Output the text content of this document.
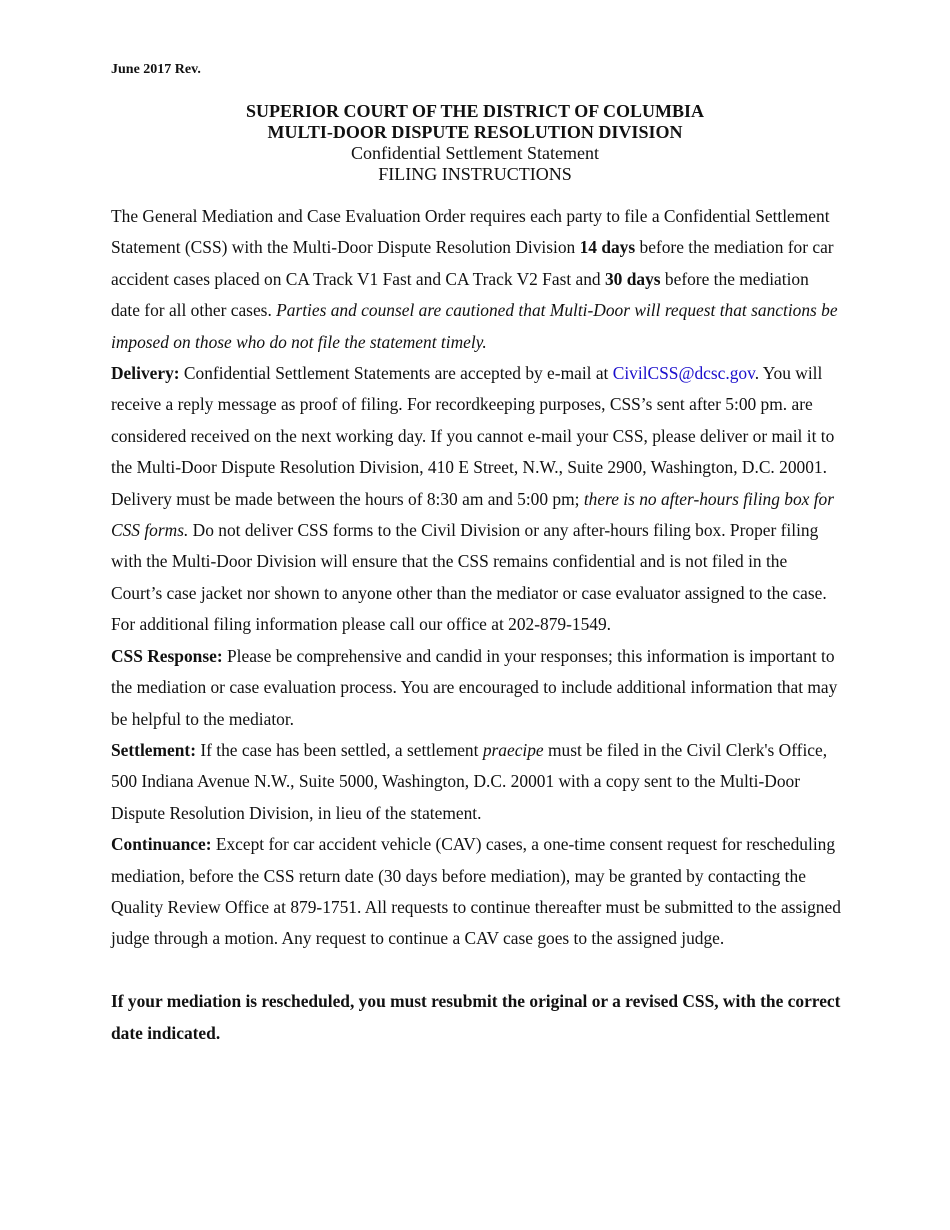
June 2017 Rev.
SUPERIOR COURT OF THE DISTRICT OF COLUMBIA
MULTI-DOOR DISPUTE RESOLUTION DIVISION
Confidential Settlement Statement
FILING INSTRUCTIONS

The General Mediation and Case Evaluation Order requires each party to file a Confidential Settlement Statement (CSS) with the Multi-Door Dispute Resolution Division 14 days before the mediation for car accident cases placed on CA Track V1 Fast and CA Track V2 Fast and 30 days before the mediation date for all other cases. Parties and counsel are cautioned that Multi-Door will request that sanctions be imposed on those who do not file the statement timely.

Delivery: Confidential Settlement Statements are accepted by e-mail at CivilCSS@dcsc.gov. You will receive a reply message as proof of filing. For recordkeeping purposes, CSS’s sent after 5:00 pm. are considered received on the next working day. If you cannot e-mail your CSS, please deliver or mail it to the Multi-Door Dispute Resolution Division, 410 E Street, N.W., Suite 2900, Washington, D.C. 20001. Delivery must be made between the hours of 8:30 am and 5:00 pm; there is no after-hours filing box for CSS forms. Do not deliver CSS forms to the Civil Division or any after-hours filing box. Proper filing with the Multi-Door Division will ensure that the CSS remains confidential and is not filed in the Court’s case jacket nor shown to anyone other than the mediator or case evaluator assigned to the case. For additional filing information please call our office at 202-879-1549.

CSS Response: Please be comprehensive and candid in your responses; this information is important to the mediation or case evaluation process. You are encouraged to include additional information that may be helpful to the mediator.

Settlement: If the case has been settled, a settlement praecipe must be filed in the Civil Clerk's Office, 500 Indiana Avenue N.W., Suite 5000, Washington, D.C. 20001 with a copy sent to the Multi-Door Dispute Resolution Division, in lieu of the statement.

Continuance: Except for car accident vehicle (CAV) cases, a one-time consent request for rescheduling mediation, before the CSS return date (30 days before mediation), may be granted by contacting the Quality Review Office at 879-1751. All requests to continue thereafter must be submitted to the assigned judge through a motion. Any request to continue a CAV case goes to the assigned judge.

If your mediation is rescheduled, you must resubmit the original or a revised CSS, with the correct date indicated.
